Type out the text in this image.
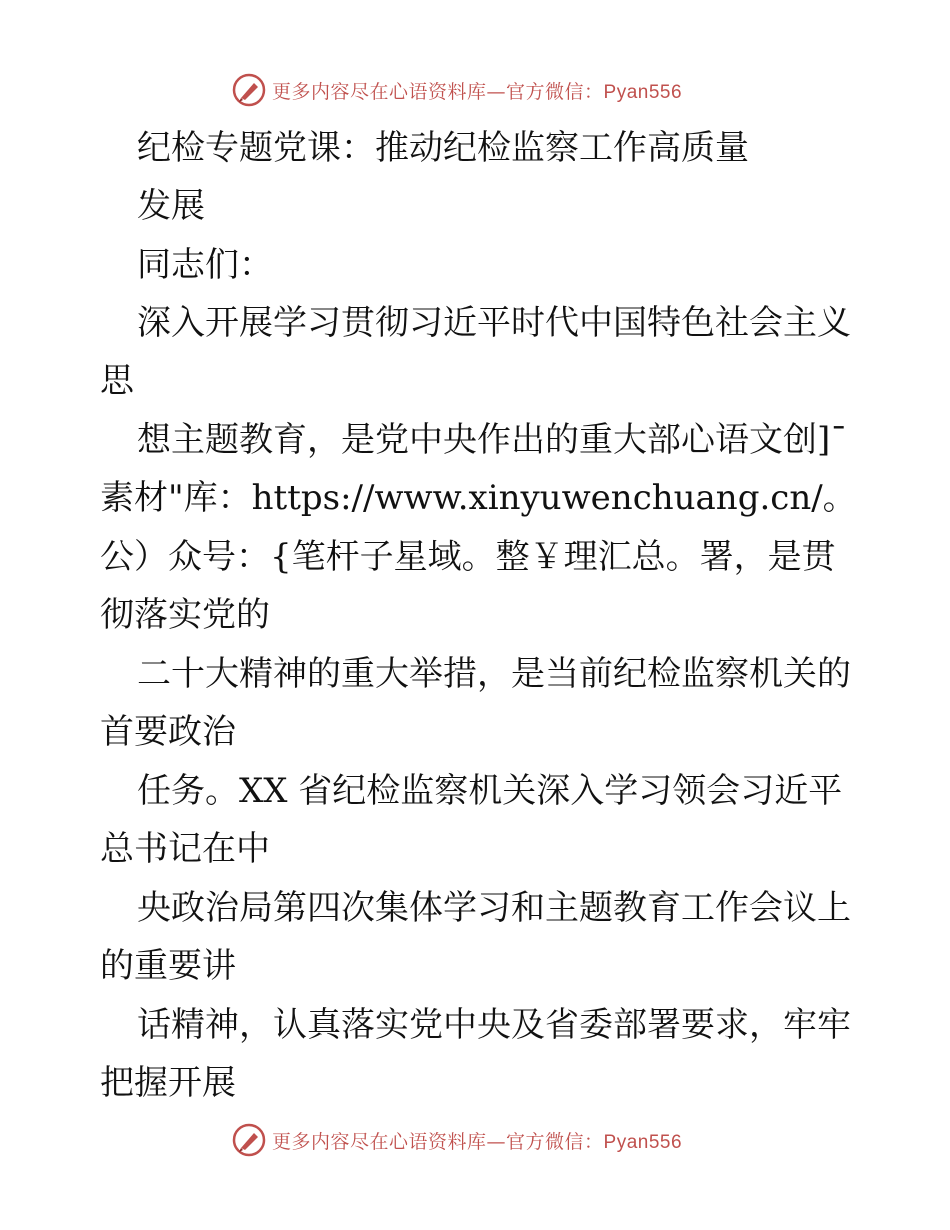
更多内容尽在心语资料库—官方微信：Pyan556
纪检专题党课：推动纪检监察工作高质量
发展
同志们：
深入开展学习贯彻习近平时代中国特色社会主义
思
想主题教育，是党中央作出的重大部心语文创]¯
素材"库：https://www.xinyuwenchuang.cn/。
公）众号：{笔杆子星域。整￥理汇总。署，是贯
彻落实党的
二十大精神的重大举措，是当前纪检监察机关的
首要政治
任务。XX 省纪检监察机关深入学习领会习近平
总书记在中
央政治局第四次集体学习和主题教育工作会议上
的重要讲
话精神，认真落实党中央及省委部署要求，牢牢
把握开展
更多内容尽在心语资料库—官方微信：Pyan556
